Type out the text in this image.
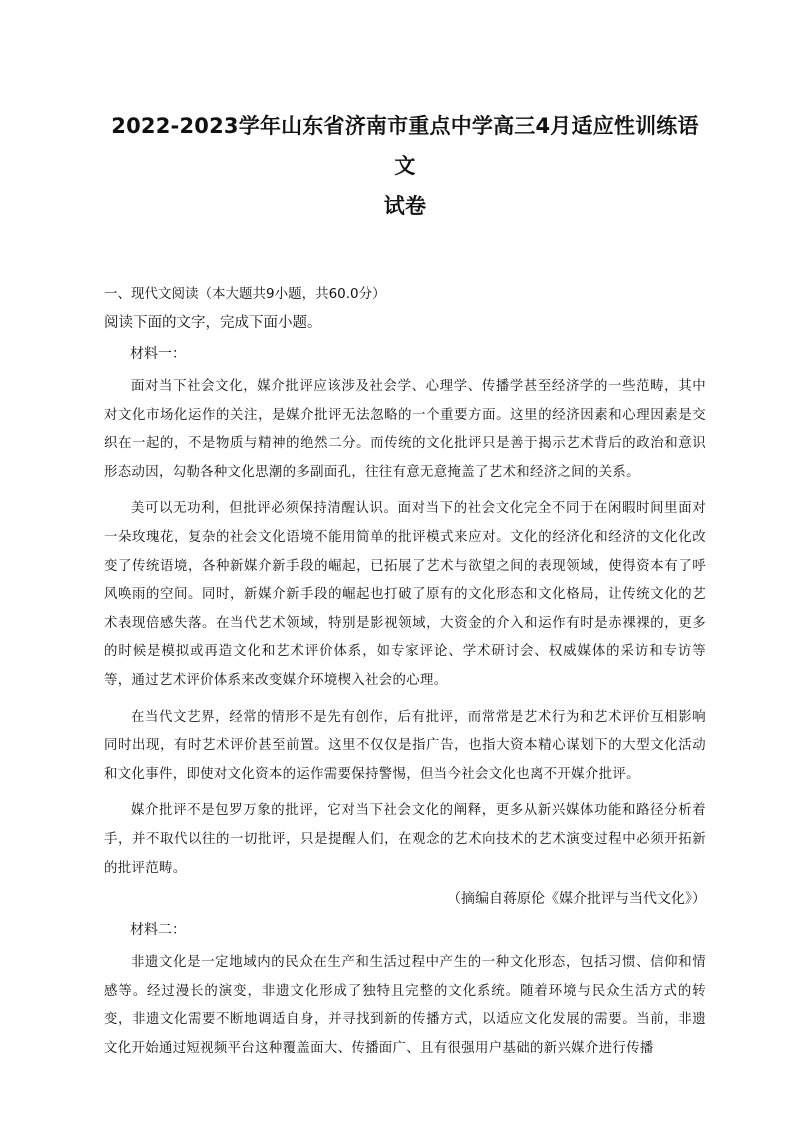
2022-2023学年山东省济南市重点中学高三4月适应性训练语文
试卷
一、现代文阅读（本大题共9小题，共60.0分）
阅读下面的文字，完成下面小题。
材料一：

面对当下社会文化，媒介批评应该涉及社会学、心理学、传播学甚至经济学的一些范畴，其中对文化市场化运作的关注，是媒介批评无法忽略的一个重要方面。这里的经济因素和心理因素是交织在一起的，不是物质与精神的绝然二分。而传统的文化批评只是善于揭示艺术背后的政治和意识形态动因，勾勒各种文化思潮的多副面孔，往往有意无意掩盖了艺术和经济之间的关系。

美可以无功利，但批评必须保持清醒认识。面对当下的社会文化完全不同于在闲暇时间里面对一朵玫瑰花，复杂的社会文化语境不能用简单的批评模式来应对。文化的经济化和经济的文化化改变了传统语境，各种新媒介新手段的崛起，已拓展了艺术与欲望之间的表现领域，使得资本有了呼风唤雨的空间。同时，新媒介新手段的崛起也打破了原有的文化形态和文化格局，让传统文化的艺术表现倍感失落。在当代艺术领域，特别是影视领域，大资金的介入和运作有时是赤裸裸的，更多的时候是模拟或再造文化和艺术评价体系，如专家评论、学术研讨会、权威媒体的采访和专访等等，通过艺术评价体系来改变媒介环境楔入社会的心理。

在当代文艺界，经常的情形不是先有创作，后有批评，而常常是艺术行为和艺术评价互相影响同时出现，有时艺术评价甚至前置。这里不仅仅是指广告，也指大资本精心谋划下的大型文化活动和文化事件，即使对文化资本的运作需要保持警惕，但当今社会文化也离不开媒介批评。

媒介批评不是包罗万象的批评，它对当下社会文化的阐释，更多从新兴媒体功能和路径分析着手，并不取代以往的一切批评，只是提醒人们，在观念的艺术向技术的艺术演变过程中必须开拓新的批评范畴。

（摘编自蒋原伦《媒介批评与当代文化》）
材料二：

非遗文化是一定地域内的民众在生产和生活过程中产生的一种文化形态，包括习惯、信仰和情感等。经过漫长的演变，非遗文化形成了独特且完整的文化系统。随着环境与民众生活方式的转变，非遗文化需要不断地调适自身，并寻找到新的传播方式，以适应文化发展的需要。当前，非遗文化开始通过短视频平台这种覆盖面大、传播面广、且有很强用户基础的新兴媒介进行传播
